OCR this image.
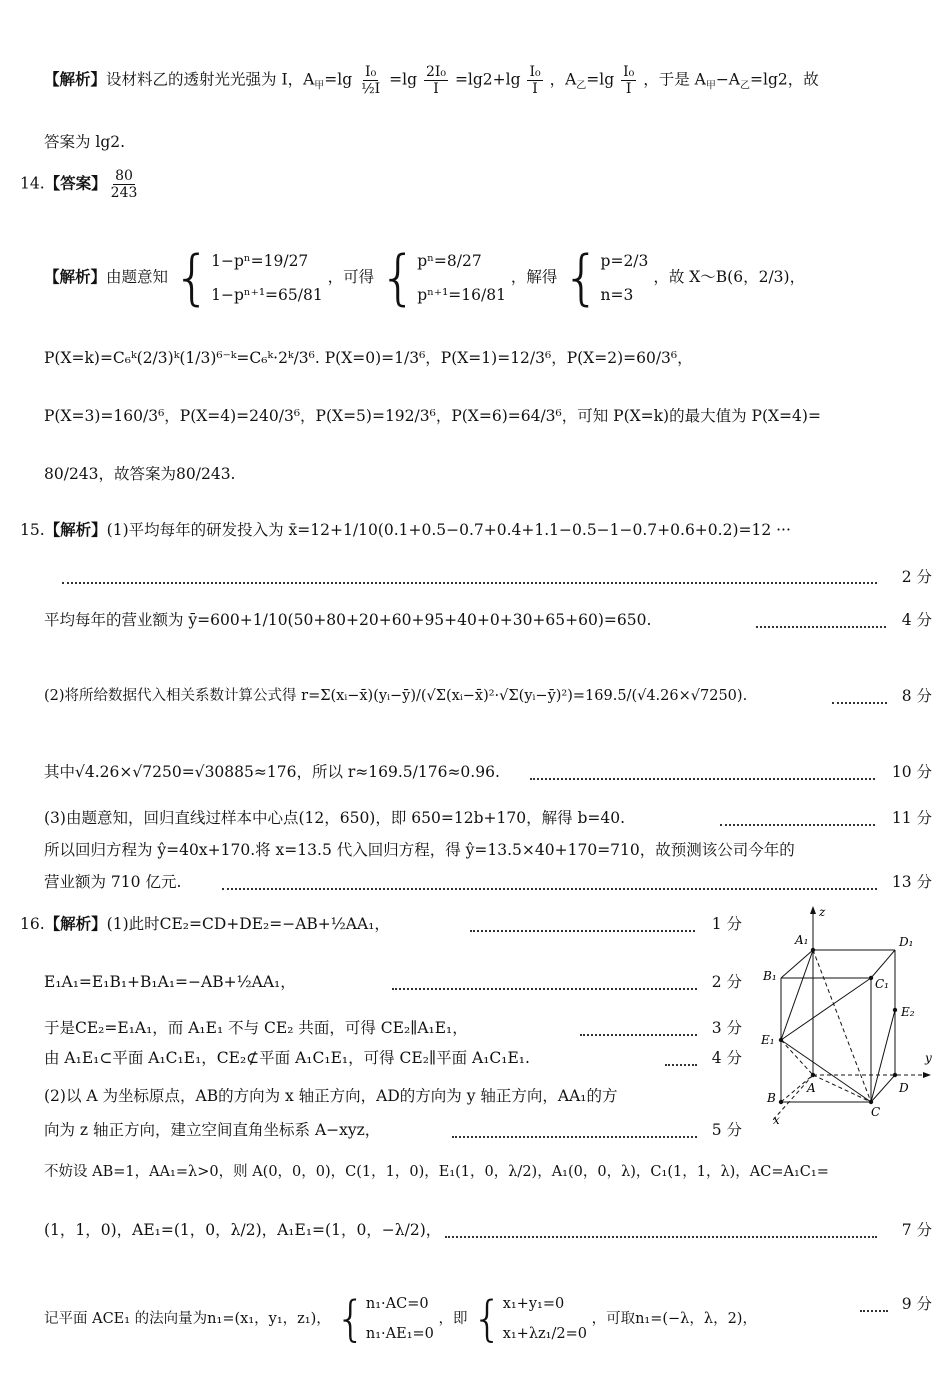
【解析】设材料乙的透射光光强为 I，$A_甲=\lg \frac{\text{I₀}}{\text{½I}} =\lg \frac{\text{2I₀}}{I} =\lg 2+\lg \frac{\text{I₀}}{I}$ ，$A_乙=\lg \frac{\text{I₀}}{I}$ ，于是 $A_甲-A_乙=\lg 2$，故
答案为 lg2.
14.【答案】 $\frac{80}{243}$
【解析】由题意知 { 1−pⁿ=19/27
1−pⁿ⁺¹=65/81
，可得 { pⁿ=8/27
pⁿ⁺¹=16/81
，解得 { p=2/3
n=3
，故 X～B(6，2/3)，
P(X=k)=C₆ᵏ(2/3)ᵏ(1/3)⁶⁻ᵏ=C₆ᵏ·2ᵏ/3⁶. P(X=0)=1/3⁶，P(X=1)=12/3⁶，P(X=2)=60/3⁶，
P(X=3)=160/3⁶，P(X=4)=240/3⁶，P(X=5)=192/3⁶，P(X=6)=64/3⁶，可知 P(X=k)的最大值为 P(X=4)=
80/243，故答案为80/243.
15.【解析】(1)平均每年的研发投入为 x̄=12+1/10(0.1+0.5−0.7+0.4+1.1−0.5−1−0.7+0.6+0.2)=12 ···
2 分
平均每年的营业额为 ȳ=600+1/10(50+80+20+60+95+40+0+30+65+60)=650.	4 分
(2)将所给数据代入相关系数计算公式得 r=Σ(xᵢ−x̄)(yᵢ−ȳ)/(√Σ(xᵢ−x̄)²·√Σ(yᵢ−ȳ)²)=169.5/(√4.26×√7250).	8 分
其中√4.26×√7250=√30885≈176，所以 r≈169.5/176≈0.96.	10 分
(3)由题意知，回归直线过样本中心点(12，650)，即 650=12b+170，解得 b=40.	11 分
所以回归方程为 ŷ=40x+170.将 x=13.5 代入回归方程，得 ŷ=13.5×40+170=710，故预测该公司今年的
营业额为 710 亿元.	13 分
16.【解析】(1)此时CE₂=CD+DE₂=−AB+½AA₁，	1 分
E₁A₁=E₁B₁+B₁A₁=−AB+½AA₁，	2 分
于是CE₂=E₁A₁，而 A₁E₁ 不与 CE₂ 共面，可得 CE₂∥A₁E₁，	3 分
由 A₁E₁⊂平面 A₁C₁E₁，CE₂⊄平面 A₁C₁E₁，可得 CE₂∥平面 A₁C₁E₁.	4 分
(2)以 A 为坐标原点，AB的方向为 x 轴正方向，AD的方向为 y 轴正方向，AA₁的方
向为 z 轴正方向，建立空间直角坐标系 A−xyz，	5 分
不妨设 AB=1，AA₁=λ>0，则 A(0，0，0)，C(1，1，0)，E₁(1，0，λ/2)，A₁(0，0，λ)，C₁(1，1，λ)，AC=A₁C₁=
(1，1，0)，AE₁=(1，0，λ/2)，A₁E₁=(1，0，−λ/2)，	7 分
记平面 ACE₁ 的法向量为n₁=(x₁，y₁，z₁)， { n₁·AC=0
n₁·AE₁=0
，即 { x₁+y₁=0
x₁+λz₁/2=0
，可取n₁=(−λ，λ，2)，
9 分
z
A₁	D₁
B₁
C₁
E₂
E₁
y
A	D
B
C
x
